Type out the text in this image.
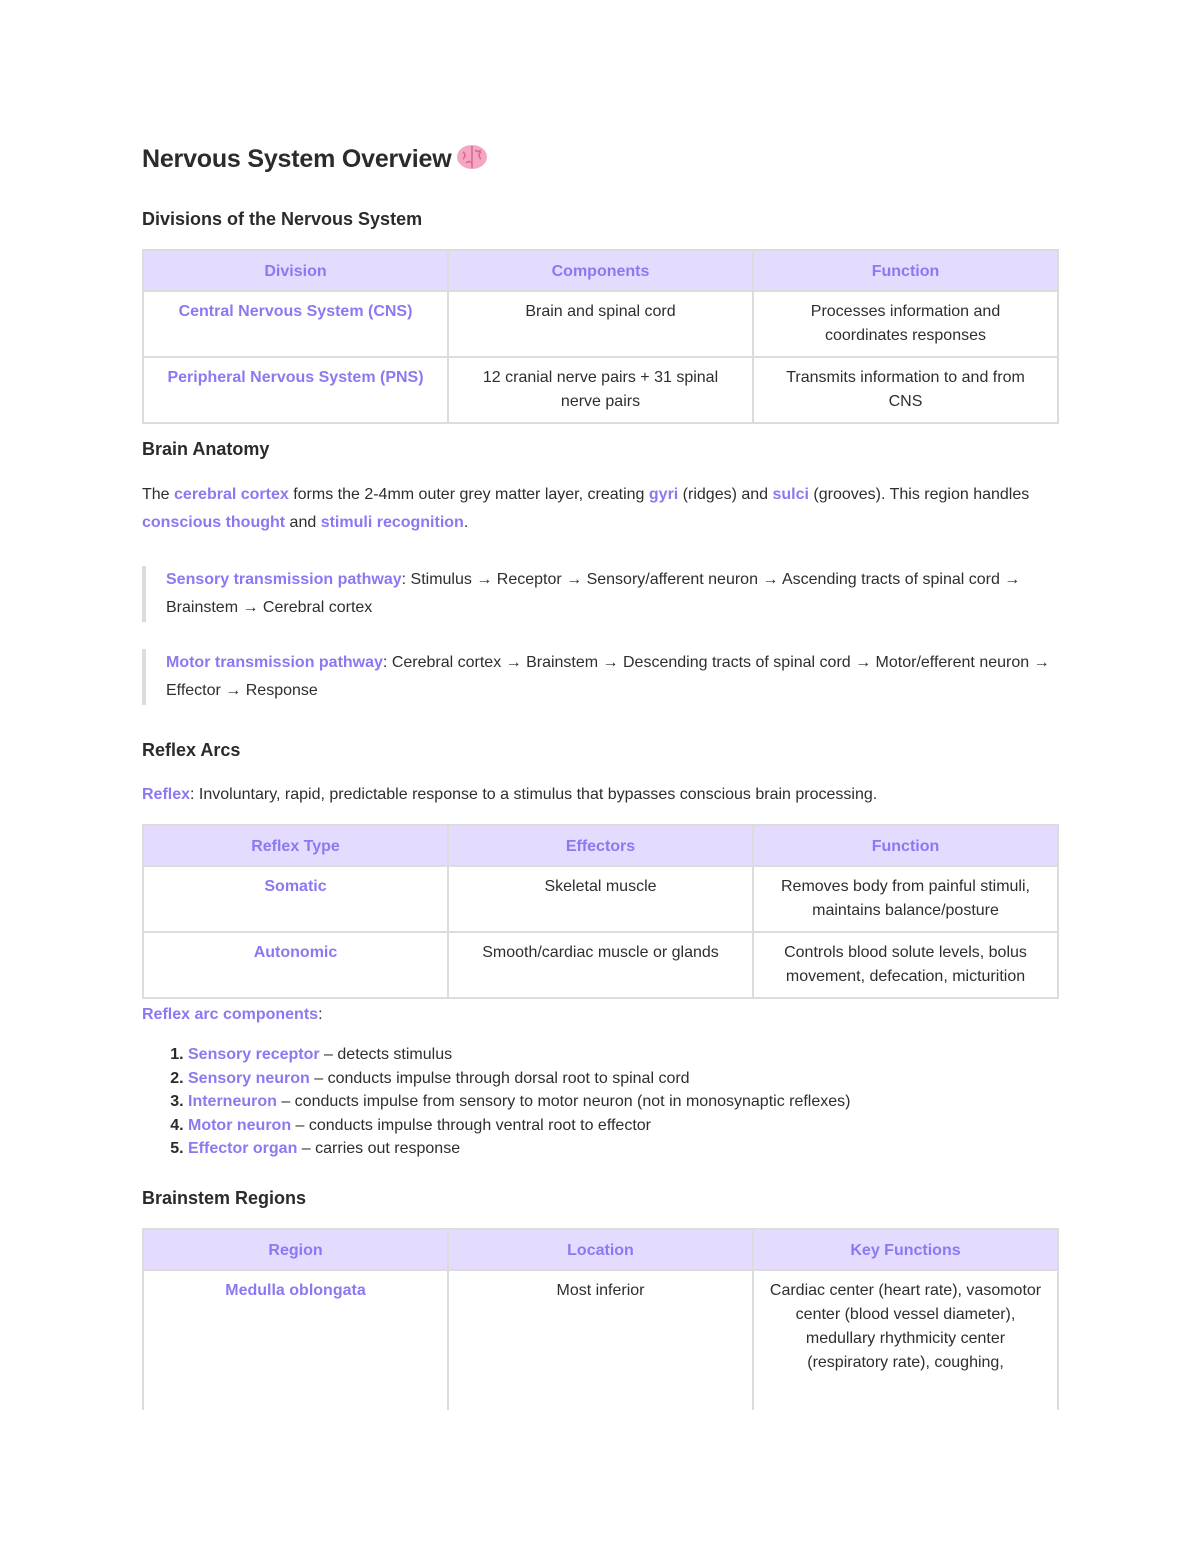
Nervous System Overview
Divisions of the Nervous System
Division	Components	Function
Central Nervous System (CNS)	Brain and spinal cord	Processes information and coordinates responses
Peripheral Nervous System (PNS)	12 cranial nerve pairs + 31 spinal nerve pairs	Transmits information to and from CNS
Brain Anatomy

The cerebral cortex forms the 2-4mm outer grey matter layer, creating gyri (ridges) and sulci (grooves). This region handles conscious thought and stimuli recognition.

Sensory transmission pathway: Stimulus → Receptor → Sensory/afferent neuron → Ascending tracts of spinal cord → Brainstem → Cerebral cortex
Motor transmission pathway: Cerebral cortex → Brainstem → Descending tracts of spinal cord → Motor/efferent neuron → Effector → Response
Reflex Arcs

Reflex: Involuntary, rapid, predictable response to a stimulus that bypasses conscious brain processing.

Reflex Type	Effectors	Function
Somatic	Skeletal muscle	Removes body from painful stimuli, maintains balance/posture
Autonomic	Smooth/cardiac muscle or glands	Controls blood solute levels, bolus movement, defecation, micturition

Reflex arc components:

1. Sensory receptor – detects stimulus
2. Sensory neuron – conducts impulse through dorsal root to spinal cord
3. Interneuron – conducts impulse from sensory to motor neuron (not in monosynaptic reflexes)
4. Motor neuron – conducts impulse through ventral root to effector
5. Effector organ – carries out response
Brainstem Regions
Region	Location	Key Functions
Medulla oblongata	Most inferior	Cardiac center (heart rate), vasomotor center (blood vessel diameter), medullary rhythmicity center (respiratory rate), coughing,
